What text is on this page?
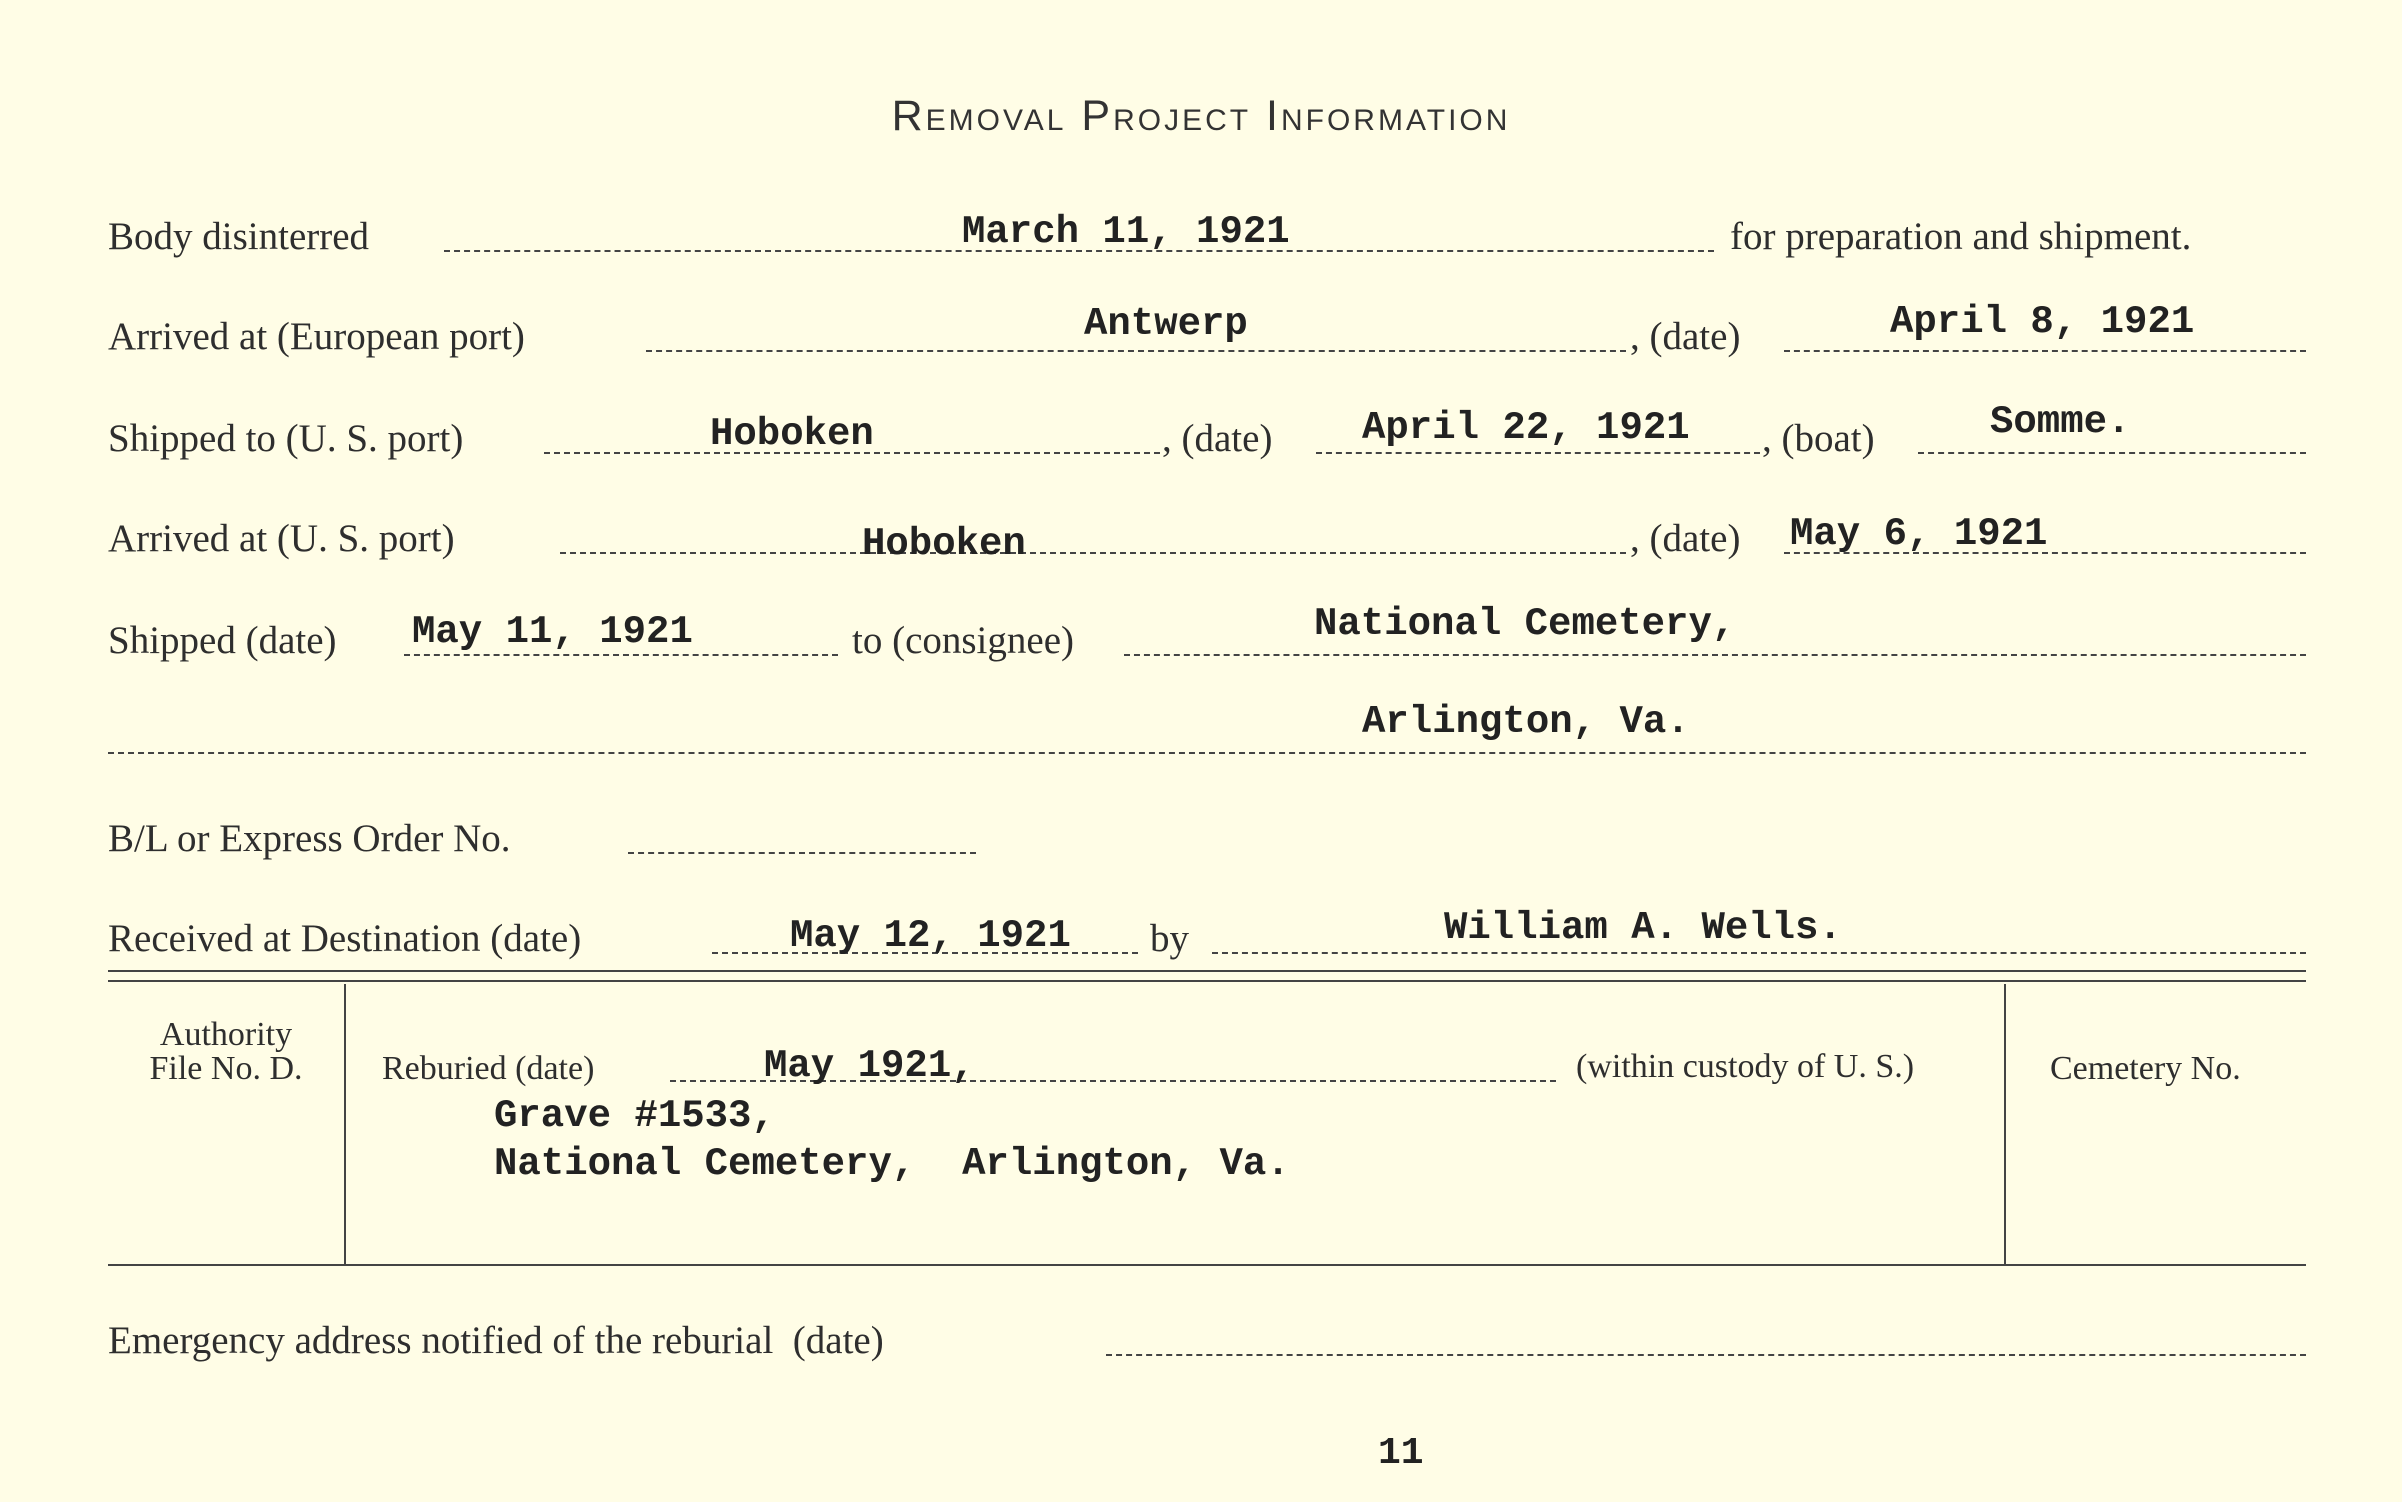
Removal Project Information
Body disinterred	March 11, 1921	for preparation and shipment.
Arrived at (European port)	Antwerp	, (date)	April 8, 1921
Shipped to (U. S. port)	Hoboken	, (date) April 22, 1921 , (boat)	Somme.
Arrived at (U. S. port)	Hoboken	, (date) May 6, 1921
Shipped (date) May 11, 1921	to (consignee)	National Cemetery,
Arlington, Va.
B/L or Express Order No.
Received at Destination (date)	May 12, 1921 by	William A. Wells.
Authority
File No. D.	Reburied (date)	May 1921,	(within custody of U. S.)
Grave #1533,
National Cemetery,  Arlington, Va.
Cemetery No.
Emergency address notified of the reburial  (date)
11
